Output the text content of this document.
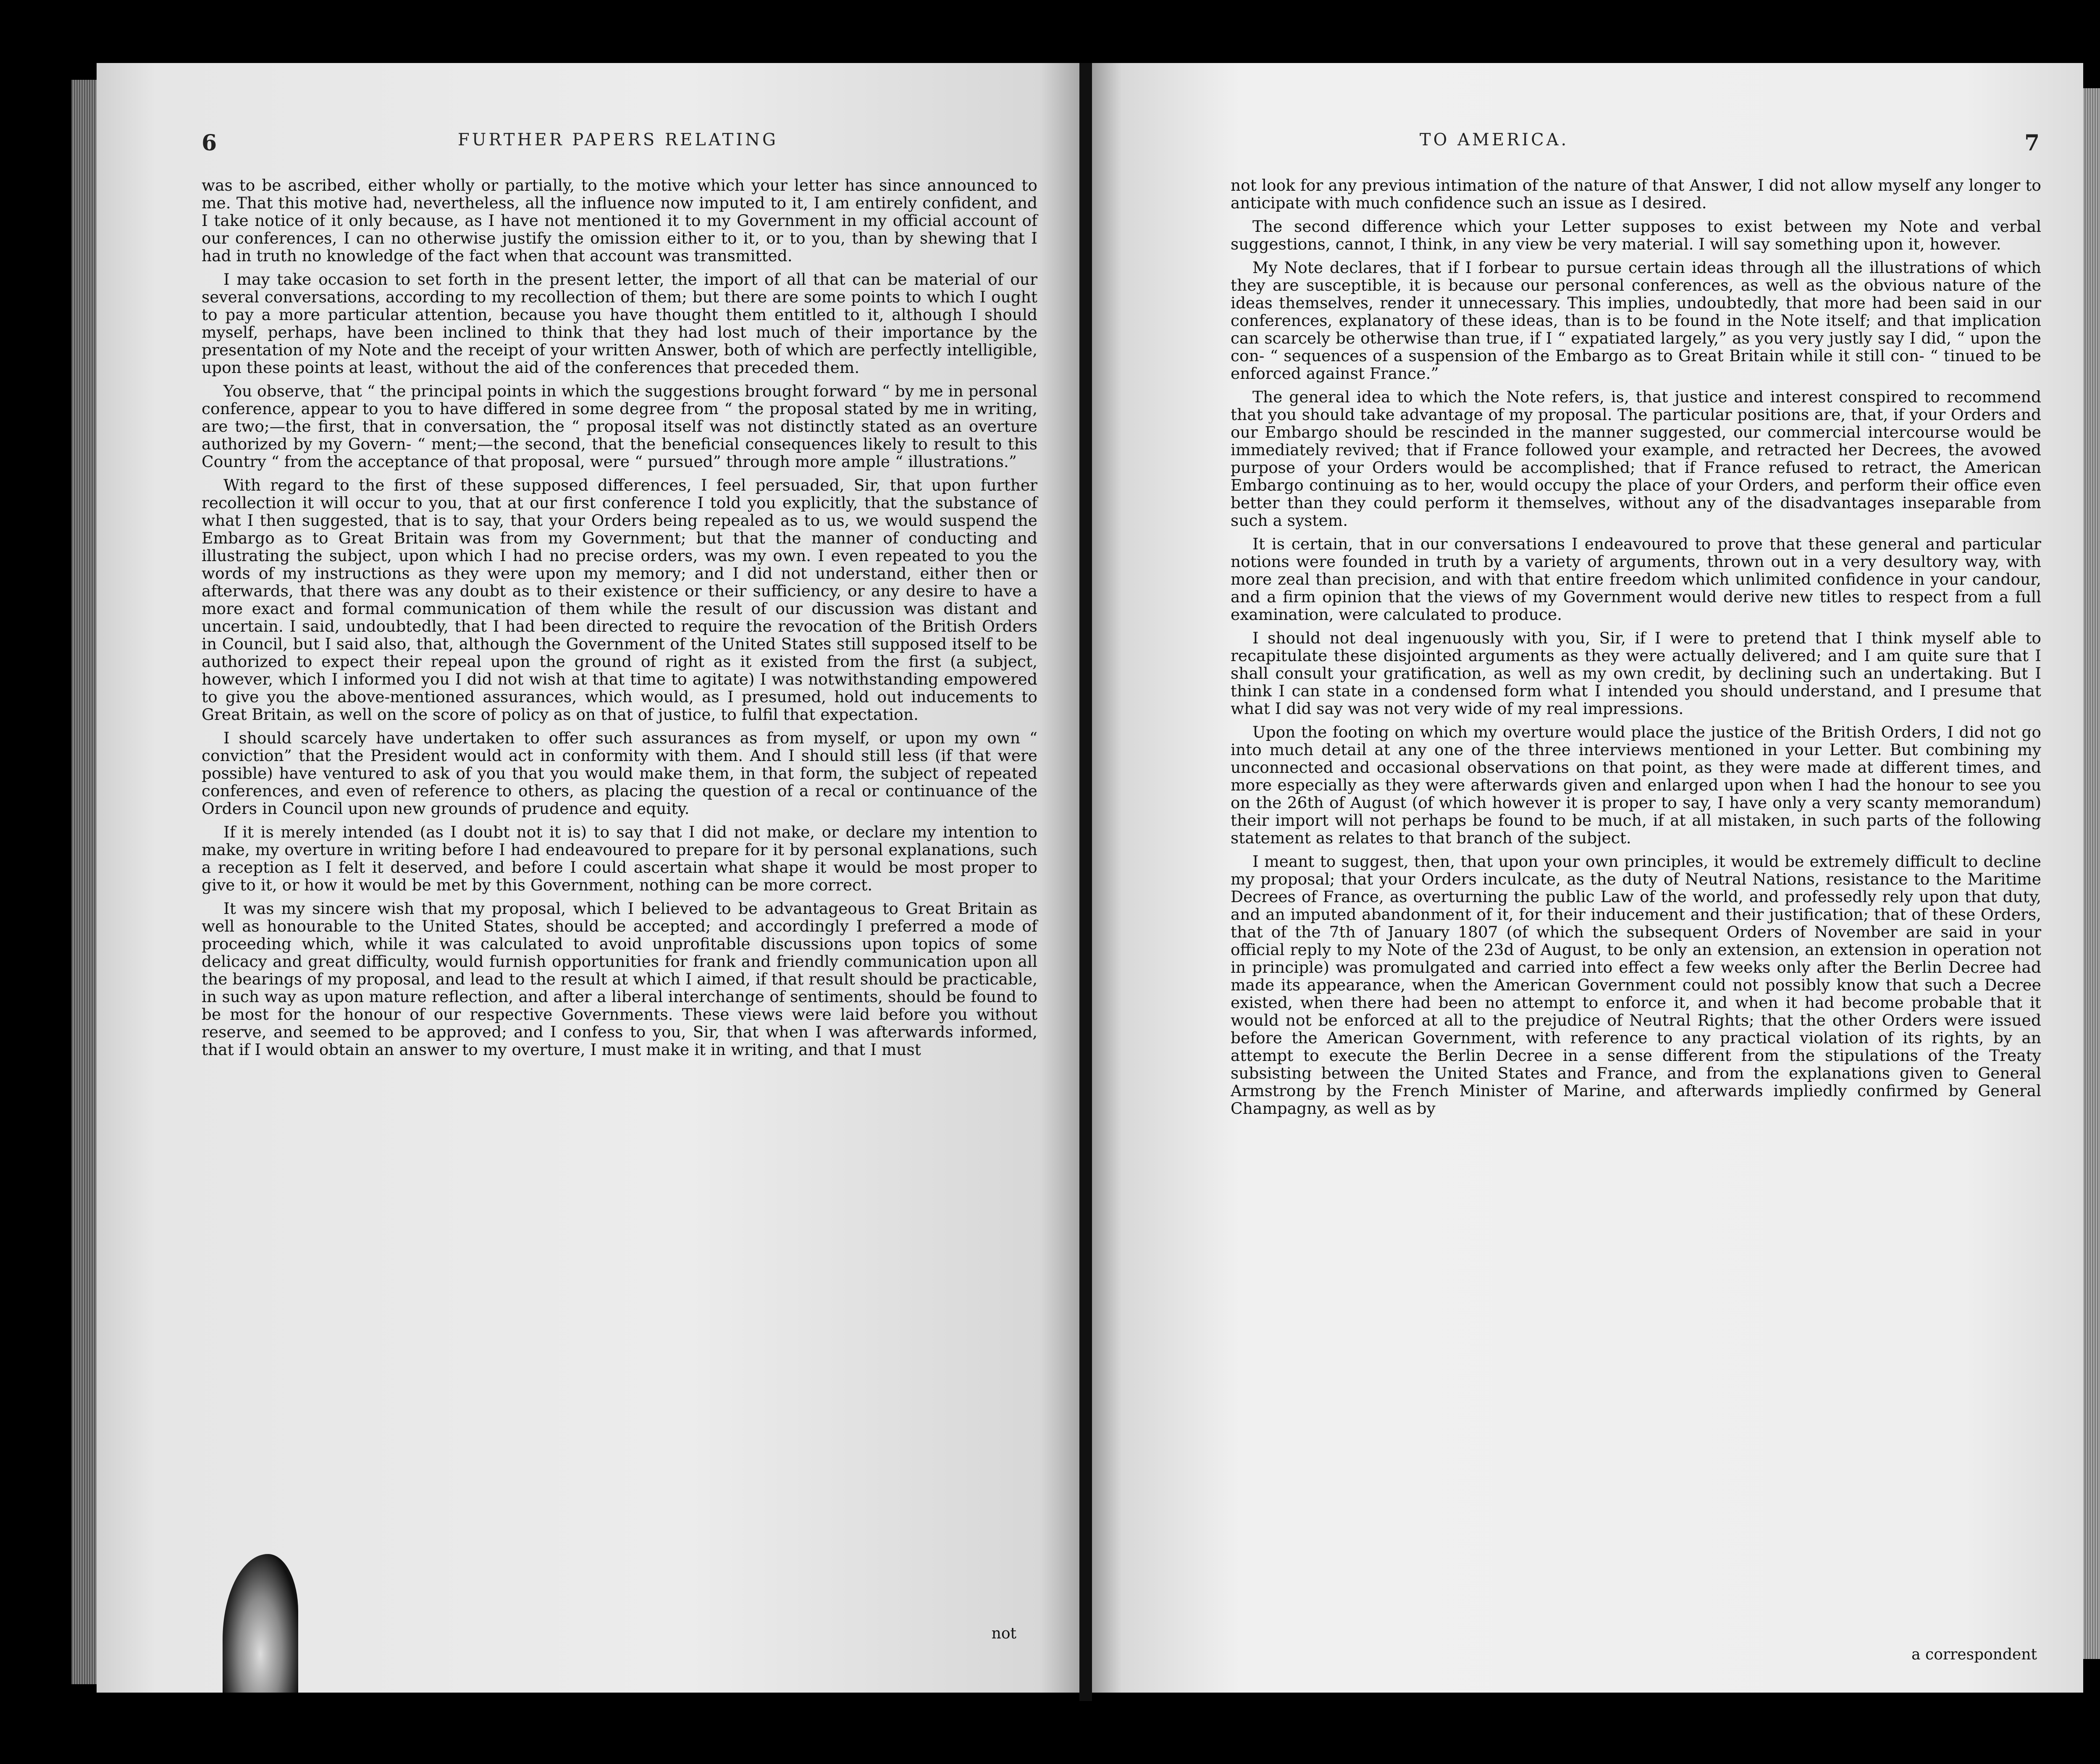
6	FURTHER PAPERS RELATING

was to be ascribed, either wholly or partially, to the motive which your letter has since announced to me. That this motive had, nevertheless, all the influence now imputed to it, I am entirely confident, and I take notice of it only because, as I have not mentioned it to my Government in my official account of our conferences, I can no otherwise justify the omission either to it, or to you, than by shewing that I had in truth no knowledge of the fact when that account was transmitted.

I may take occasion to set forth in the present letter, the import of all that can be material of our several conversations, according to my recollection of them; but there are some points to which I ought to pay a more particular attention, because you have thought them entitled to it, although I should myself, perhaps, have been inclined to think that they had lost much of their importance by the presentation of my Note and the receipt of your written Answer, both of which are perfectly intelligible, upon these points at least, without the aid of the conferences that preceded them.

You observe, that “ the principal points in which the suggestions brought forward “ by me in personal conference, appear to you to have differed in some degree from “ the proposal stated by me in writing, are two;—the first, that in conversation, the “ proposal itself was not distinctly stated as an overture authorized by my Govern- “ ment;—the second, that the beneficial consequences likely to result to this Country “ from the acceptance of that proposal, were “ pursued” through more ample “ illustrations.”

With regard to the first of these supposed differences, I feel persuaded, Sir, that upon further recollection it will occur to you, that at our first conference I told you explicitly, that the substance of what I then suggested, that is to say, that your Orders being repealed as to us, we would suspend the Embargo as to Great Britain was from my Government; but that the manner of conducting and illustrating the subject, upon which I had no precise orders, was my own. I even repeated to you the words of my instructions as they were upon my memory; and I did not understand, either then or afterwards, that there was any doubt as to their existence or their sufficiency, or any desire to have a more exact and formal communication of them while the result of our discussion was distant and uncertain. I said, undoubtedly, that I had been directed to require the revocation of the British Orders in Council, but I said also, that, although the Government of the United States still supposed itself to be authorized to expect their repeal upon the ground of right as it existed from the first (a subject, however, which I informed you I did not wish at that time to agitate) I was notwithstanding empowered to give you the above-mentioned assurances, which would, as I presumed, hold out inducements to Great Britain, as well on the score of policy as on that of justice, to fulfil that expectation.

I should scarcely have undertaken to offer such assurances as from myself, or upon my own “ conviction” that the President would act in conformity with them. And I should still less (if that were possible) have ventured to ask of you that you would make them, in that form, the subject of repeated conferences, and even of reference to others, as placing the question of a recal or continuance of the Orders in Council upon new grounds of prudence and equity.

If it is merely intended (as I doubt not it is) to say that I did not make, or declare my intention to make, my overture in writing before I had endeavoured to prepare for it by personal explanations, such a reception as I felt it deserved, and before I could ascertain what shape it would be most proper to give to it, or how it would be met by this Government, nothing can be more correct.

It was my sincere wish that my proposal, which I believed to be advantageous to Great Britain as well as honourable to the United States, should be accepted; and accordingly I preferred a mode of proceeding which, while it was calculated to avoid unprofitable discussions upon topics of some delicacy and great difficulty, would furnish opportunities for frank and friendly communication upon all the bearings of my proposal, and lead to the result at which I aimed, if that result should be practicable, in such way as upon mature reflection, and after a liberal interchange of sentiments, should be found to be most for the honour of our respective Governments. These views were laid before you without reserve, and seemed to be approved; and I confess to you, Sir, that when I was afterwards informed, that if I would obtain an answer to my overture, I must make it in writing, and that I must

not
TO AMERICA.	7

not look for any previous intimation of the nature of that Answer, I did not allow myself any longer to anticipate with much confidence such an issue as I desired.

The second difference which your Letter supposes to exist between my Note and verbal suggestions, cannot, I think, in any view be very material. I will say something upon it, however.

My Note declares, that if I forbear to pursue certain ideas through all the illustrations of which they are susceptible, it is because our personal conferences, as well as the obvious nature of the ideas themselves, render it unnecessary. This implies, undoubtedly, that more had been said in our conferences, explanatory of these ideas, than is to be found in the Note itself; and that implication can scarcely be otherwise than true, if I “ expatiated largely,” as you very justly say I did, “ upon the con- “ sequences of a suspension of the Embargo as to Great Britain while it still con- “ tinued to be enforced against France.”

The general idea to which the Note refers, is, that justice and interest conspired to recommend that you should take advantage of my proposal. The particular positions are, that, if your Orders and our Embargo should be rescinded in the manner suggested, our commercial intercourse would be immediately revived; that if France followed your example, and retracted her Decrees, the avowed purpose of your Orders would be accomplished; that if France refused to retract, the American Embargo continuing as to her, would occupy the place of your Orders, and perform their office even better than they could perform it themselves, without any of the disadvantages inseparable from such a system.

It is certain, that in our conversations I endeavoured to prove that these general and particular notions were founded in truth by a variety of arguments, thrown out in a very desultory way, with more zeal than precision, and with that entire freedom which unlimited confidence in your candour, and a firm opinion that the views of my Government would derive new titles to respect from a full examination, were calculated to produce.

I should not deal ingenuously with you, Sir, if I were to pretend that I think myself able to recapitulate these disjointed arguments as they were actually delivered; and I am quite sure that I shall consult your gratification, as well as my own credit, by declining such an undertaking. But I think I can state in a condensed form what I intended you should understand, and I presume that what I did say was not very wide of my real impressions.

Upon the footing on which my overture would place the justice of the British Orders, I did not go into much detail at any one of the three interviews mentioned in your Letter. But combining my unconnected and occasional observations on that point, as they were made at different times, and more especially as they were afterwards given and enlarged upon when I had the honour to see you on the 26th of August (of which however it is proper to say, I have only a very scanty memorandum) their import will not perhaps be found to be much, if at all mistaken, in such parts of the following statement as relates to that branch of the subject.

I meant to suggest, then, that upon your own principles, it would be extremely difficult to decline my proposal; that your Orders inculcate, as the duty of Neutral Nations, resistance to the Maritime Decrees of France, as overturning the public Law of the world, and professedly rely upon that duty, and an imputed abandonment of it, for their inducement and their justification; that of these Orders, that of the 7th of January 1807 (of which the subsequent Orders of November are said in your official reply to my Note of the 23d of August, to be only an extension, an extension in operation not in principle) was promulgated and carried into effect a few weeks only after the Berlin Decree had made its appearance, when the American Government could not possibly know that such a Decree existed, when there had been no attempt to enforce it, and when it had become probable that it would not be enforced at all to the prejudice of Neutral Rights; that the other Orders were issued before the American Government, with reference to any practical violation of its rights, by an attempt to execute the Berlin Decree in a sense different from the stipulations of the Treaty subsisting between the United States and France, and from the explanations given to General Armstrong by the French Minister of Marine, and afterwards impliedly confirmed by General Champagny, as well as by

a correspondent
